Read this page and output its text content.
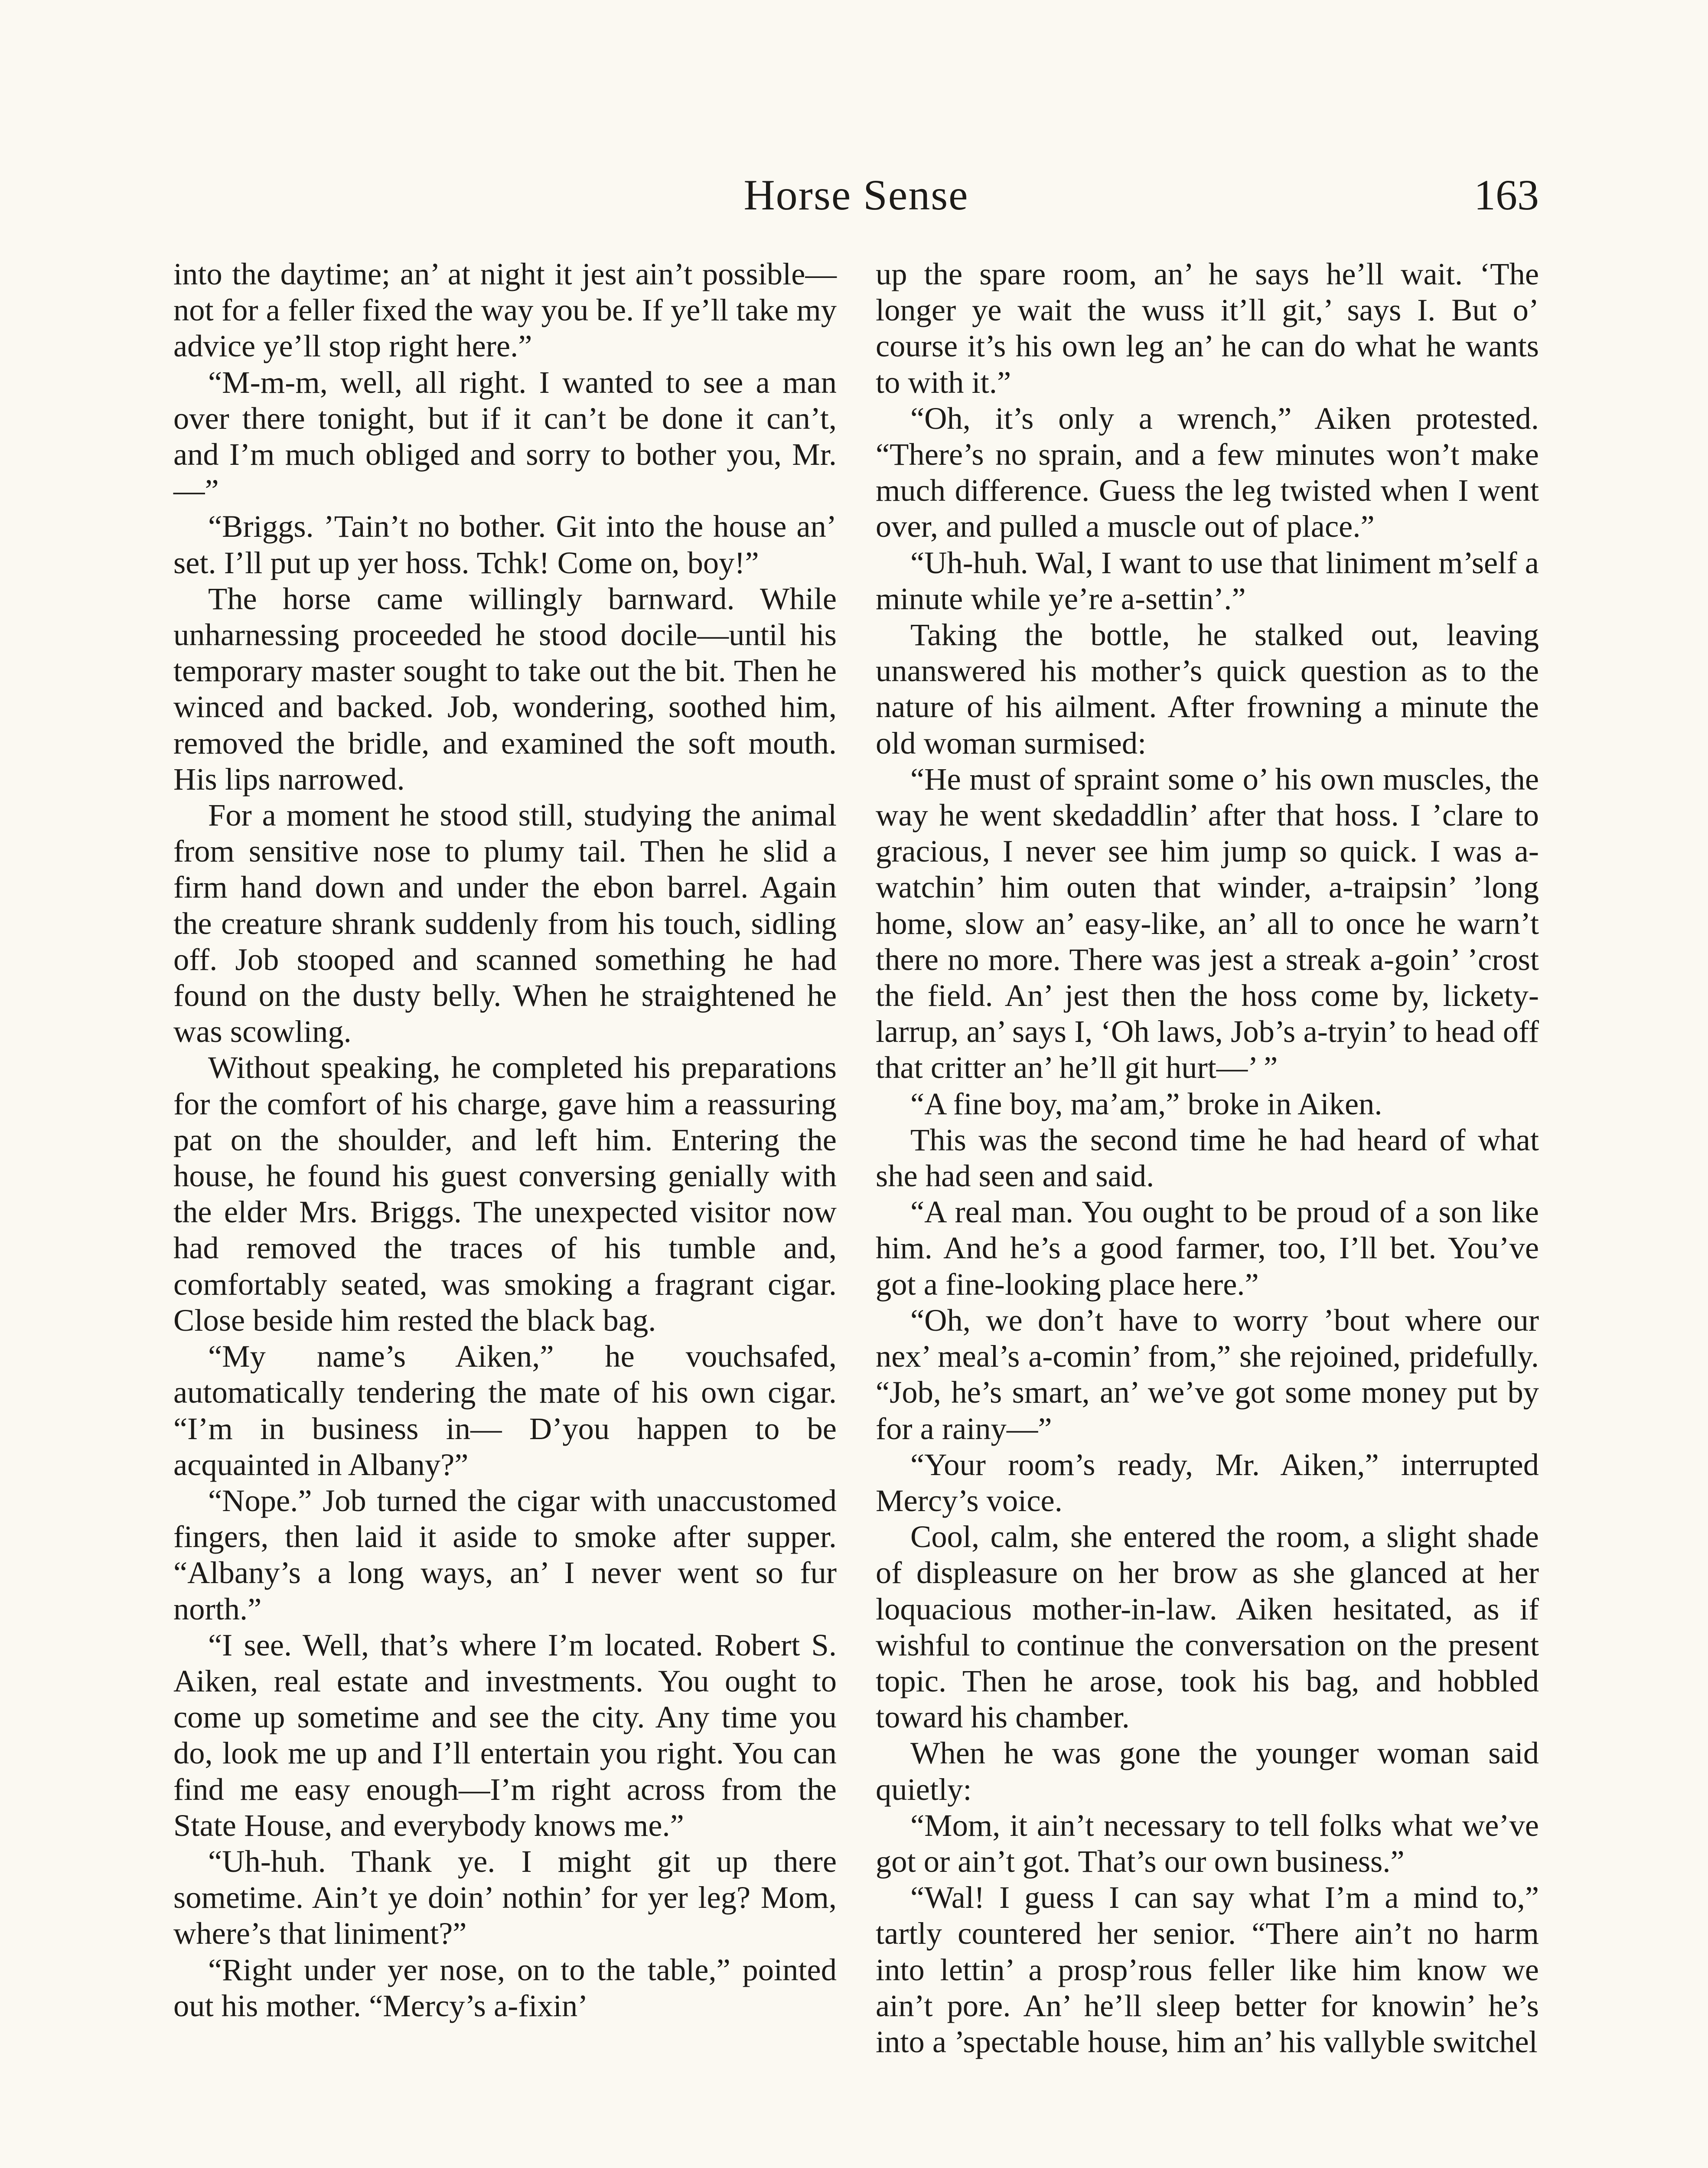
Horse Sense	163

into the daytime; an’ at night it jest ain’t possible—not for a feller fixed the way you be. If ye’ll take my advice ye’ll stop right here.”

“M-m-m, well, all right. I wanted to see a man over there tonight, but if it can’t be done it can’t, and I’m much obliged and sorry to bother you, Mr.—”

“Briggs. ’Tain’t no bother. Git into the house an’ set. I’ll put up yer hoss. Tchk! Come on, boy!”

The horse came willingly barnward. While unharnessing proceeded he stood docile—until his temporary master sought to take out the bit. Then he winced and backed. Job, wondering, soothed him, removed the bridle, and examined the soft mouth. His lips narrowed.

For a moment he stood still, studying the animal from sensitive nose to plumy tail. Then he slid a firm hand down and under the ebon barrel. Again the creature shrank suddenly from his touch, sidling off. Job stooped and scanned something he had found on the dusty belly. When he straightened he was scowling.

Without speaking, he completed his preparations for the comfort of his charge, gave him a reassuring pat on the shoulder, and left him. Entering the house, he found his guest conversing genially with the elder Mrs. Briggs. The unexpected visitor now had removed the traces of his tumble and, comfortably seated, was smoking a fragrant cigar. Close beside him rested the black bag.

“My name’s Aiken,” he vouchsafed, automatically tendering the mate of his own cigar. “I’m in business in— D’you happen to be acquainted in Albany?”

“Nope.” Job turned the cigar with unaccustomed fingers, then laid it aside to smoke after supper. “Albany’s a long ways, an’ I never went so fur north.”

“I see. Well, that’s where I’m located. Robert S. Aiken, real estate and investments. You ought to come up sometime and see the city. Any time you do, look me up and I’ll entertain you right. You can find me easy enough—I’m right across from the State House, and everybody knows me.”

“Uh-huh. Thank ye. I might git up there sometime. Ain’t ye doin’ nothin’ for yer leg? Mom, where’s that liniment?”

“Right under yer nose, on to the table,” pointed out his mother. “Mercy’s a-fixin’

up the spare room, an’ he says he’ll wait. ‘The longer ye wait the wuss it’ll git,’ says I. But o’ course it’s his own leg an’ he can do what he wants to with it.”

“Oh, it’s only a wrench,” Aiken protested. “There’s no sprain, and a few minutes won’t make much difference. Guess the leg twisted when I went over, and pulled a muscle out of place.”

“Uh-huh. Wal, I want to use that liniment m’self a minute while ye’re a-settin’.”

Taking the bottle, he stalked out, leaving unanswered his mother’s quick question as to the nature of his ailment. After frowning a minute the old woman surmised:

“He must of spraint some o’ his own muscles, the way he went skedaddlin’ after that hoss. I ’clare to gracious, I never see him jump so quick. I was a-watchin’ him outen that winder, a-traipsin’ ’long home, slow an’ easy-like, an’ all to once he warn’t there no more. There was jest a streak a-goin’ ’crost the field. An’ jest then the hoss come by, lickety-larrup, an’ says I, ‘Oh laws, Job’s a-tryin’ to head off that critter an’ he’ll git hurt—’ ”

“A fine boy, ma’am,” broke in Aiken.

This was the second time he had heard of what she had seen and said.

“A real man. You ought to be proud of a son like him. And he’s a good farmer, too, I’ll bet. You’ve got a fine-looking place here.”

“Oh, we don’t have to worry ’bout where our nex’ meal’s a-comin’ from,” she rejoined, pridefully. “Job, he’s smart, an’ we’ve got some money put by for a rainy—”

“Your room’s ready, Mr. Aiken,” interrupted Mercy’s voice.

Cool, calm, she entered the room, a slight shade of displeasure on her brow as she glanced at her loquacious mother-in-law. Aiken hesitated, as if wishful to continue the conversation on the present topic. Then he arose, took his bag, and hobbled toward his chamber.

When he was gone the younger woman said quietly:

“Mom, it ain’t necessary to tell folks what we’ve got or ain’t got. That’s our own business.”

“Wal! I guess I can say what I’m a mind to,” tartly countered her senior. “There ain’t no harm into lettin’ a prosp’rous feller like him know we ain’t pore. An’ he’ll sleep better for knowin’ he’s into a ’spectable house, him an’ his vallyble switchel
